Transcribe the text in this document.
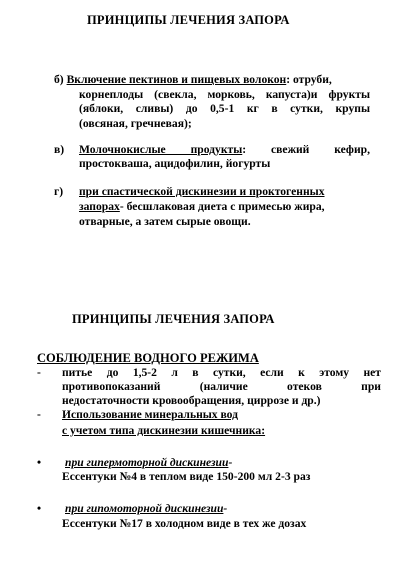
ПРИНЦИПЫ ЛЕЧЕНИЯ ЗАПОРА
б) Включение пектинов и пищевых волокон: отруби,
корнеплоды (свекла, морковь, капуста)и фрукты
(яблоки, сливы) до 0,5-1 кг в сутки, крупы
(овсяная, гречневая);
в) Молочнокислые продукты: свежий кефир,
простокваша, ацидофилин, йогурты
г) при спастической дискинезии и проктогенных
запорах- бесшлаковая диета с примесью жира,
отварные, а затем сырые овощи.
ПРИНЦИПЫ ЛЕЧЕНИЯ ЗАПОРА
СОБЛЮДЕНИЕ ВОДНОГО РЕЖИМА
- питье до 1,5-2 л в сутки, если к этому нет
противопоказаний (наличие отеков при
недостаточности кровообращения, циррозе и др.)
- Использование минеральных вод
с учетом типа дискинезии кишечника:
• при гипермоторной дискинезии-
Ессентуки №4 в теплом виде 150-200 мл 2-3 раз
• при гипомоторной дискинезии-
Ессентуки №17 в холодном виде в тех же дозах
